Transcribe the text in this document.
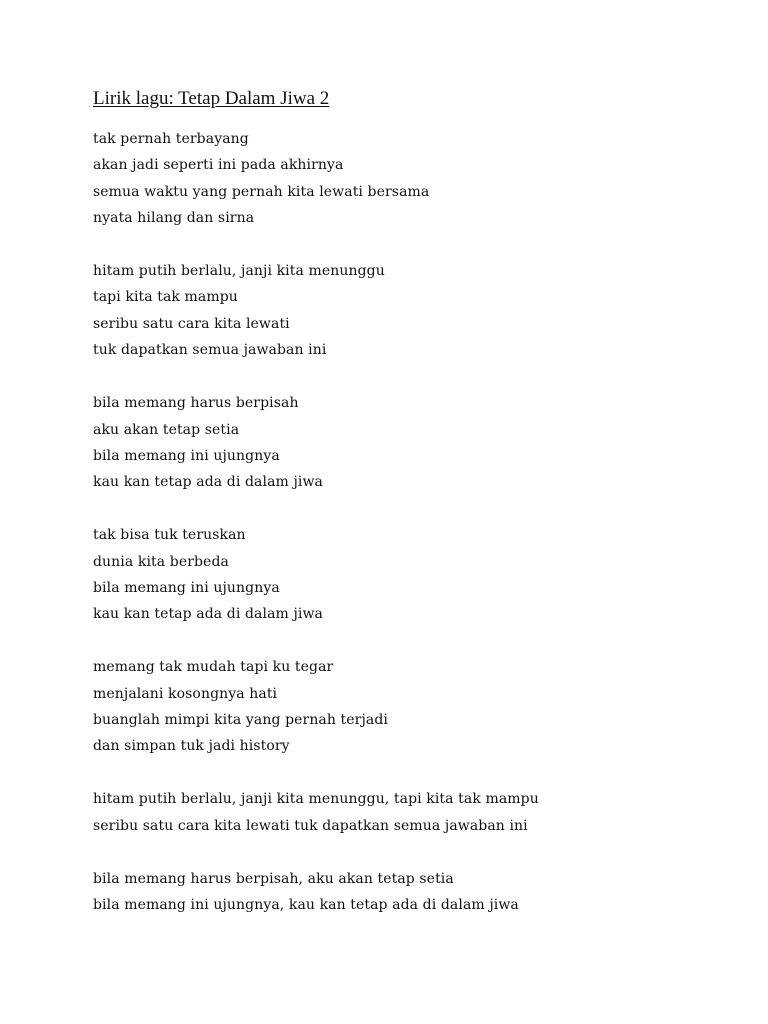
Lirik lagu: Tetap Dalam Jiwa 2
tak pernah terbayang
akan jadi seperti ini pada akhirnya
semua waktu yang pernah kita lewati bersama
nyata hilang dan sirna
hitam putih berlalu, janji kita menunggu
tapi kita tak mampu
seribu satu cara kita lewati
tuk dapatkan semua jawaban ini
bila memang harus berpisah
aku akan tetap setia
bila memang ini ujungnya
kau kan tetap ada di dalam jiwa
tak bisa tuk teruskan
dunia kita berbeda
bila memang ini ujungnya
kau kan tetap ada di dalam jiwa
memang tak mudah tapi ku tegar
menjalani kosongnya hati
buanglah mimpi kita yang pernah terjadi
dan simpan tuk jadi history
hitam putih berlalu, janji kita menunggu, tapi kita tak mampu
seribu satu cara kita lewati tuk dapatkan semua jawaban ini
bila memang harus berpisah, aku akan tetap setia
bila memang ini ujungnya, kau kan tetap ada di dalam jiwa
